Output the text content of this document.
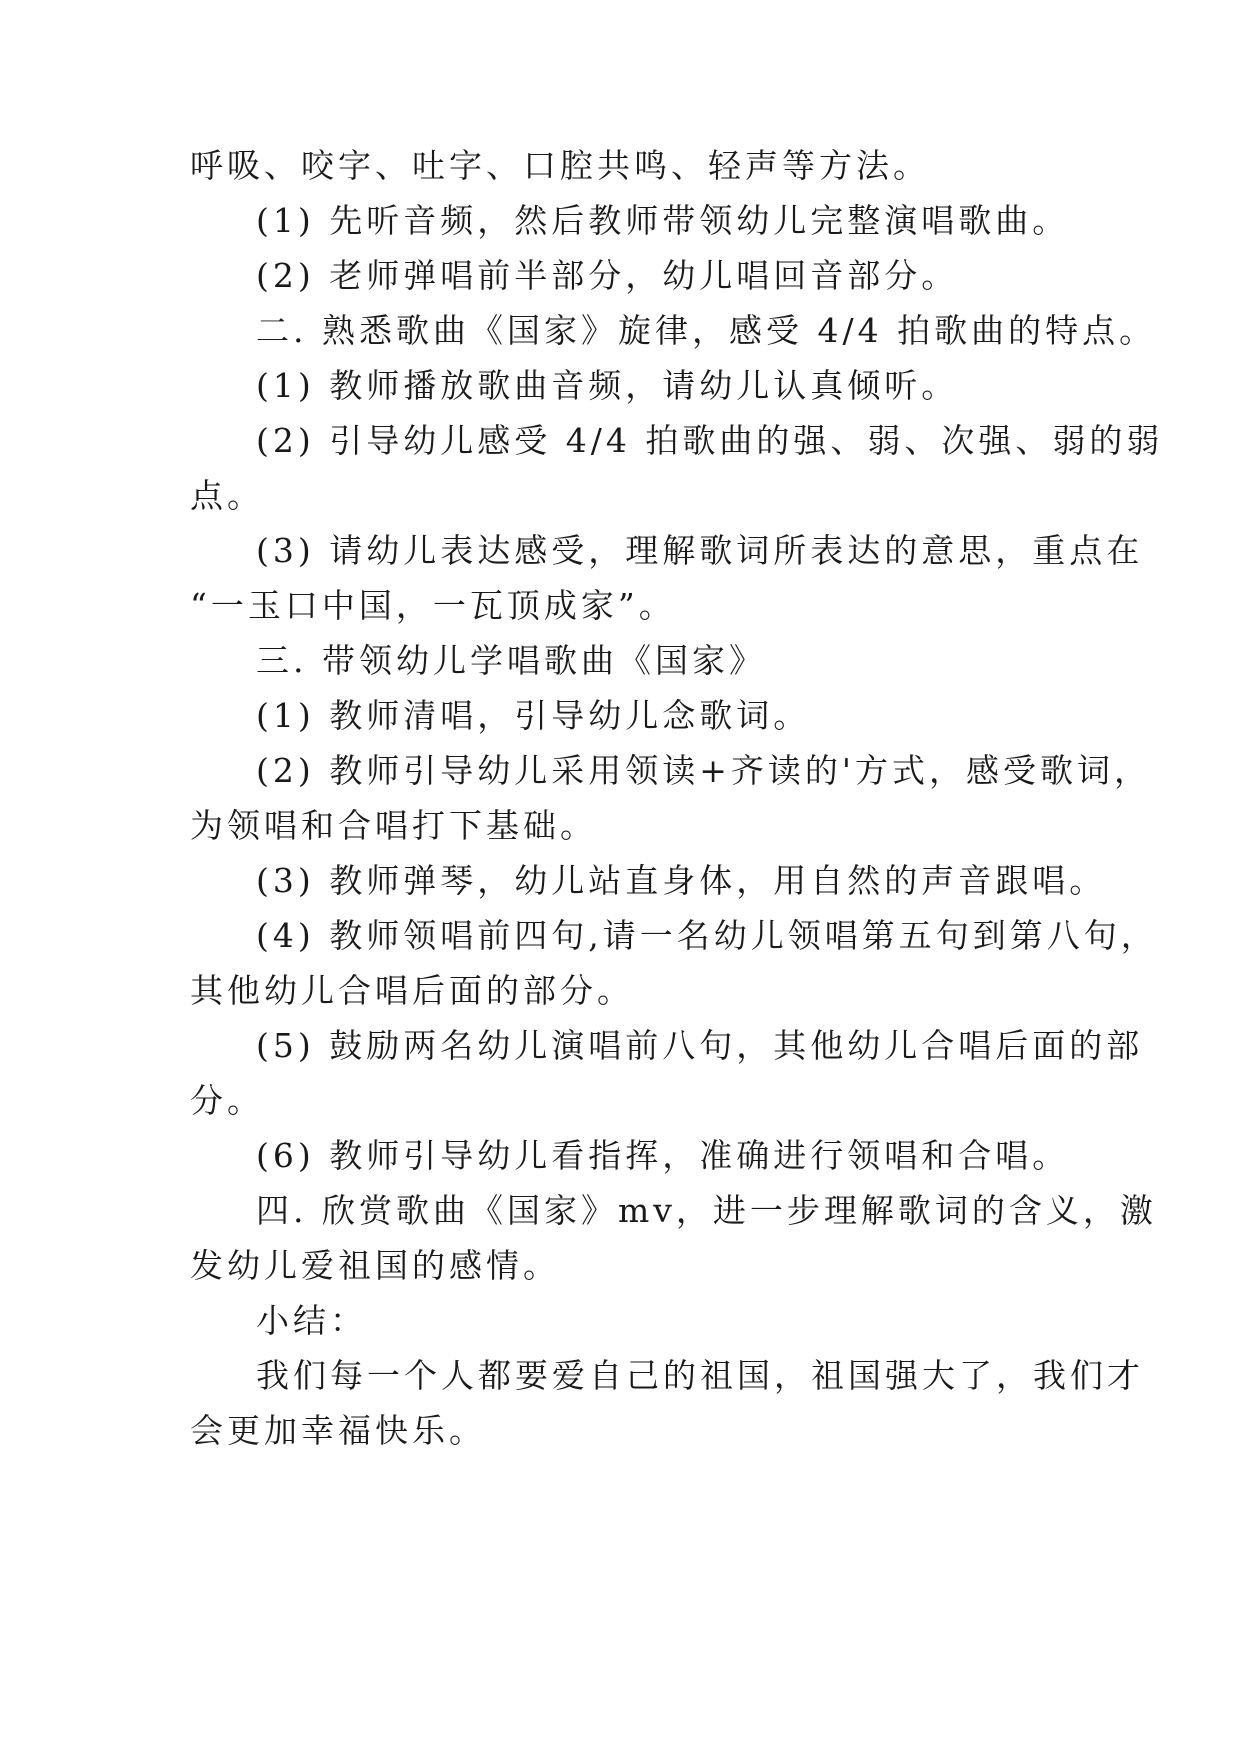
呼吸、咬字、吐字、口腔共鸣、轻声等方法。
(1) 先听音频，然后教师带领幼儿完整演唱歌曲。
(2) 老师弹唱前半部分，幼儿唱回音部分。
二. 熟悉歌曲《国家》旋律，感受 4/4 拍歌曲的特点。
(1) 教师播放歌曲音频，请幼儿认真倾听。
(2) 引导幼儿感受 4/4 拍歌曲的强、弱、次强、弱的弱
点。
(3) 请幼儿表达感受，理解歌词所表达的意思，重点在
“一玉口中国，一瓦顶成家”。
三. 带领幼儿学唱歌曲《国家》
(1) 教师清唱，引导幼儿念歌词。
(2) 教师引导幼儿采用领读+齐读的'方式，感受歌词，
为领唱和合唱打下基础。
(3) 教师弹琴，幼儿站直身体，用自然的声音跟唱。
(4) 教师领唱前四句,请一名幼儿领唱第五句到第八句，
其他幼儿合唱后面的部分。
(5) 鼓励两名幼儿演唱前八句，其他幼儿合唱后面的部
分。
(6) 教师引导幼儿看指挥，准确进行领唱和合唱。
四. 欣赏歌曲《国家》mv，进一步理解歌词的含义，激
发幼儿爱祖国的感情。
小结：
我们每一个人都要爱自己的祖国，祖国强大了，我们才
会更加幸福快乐。
